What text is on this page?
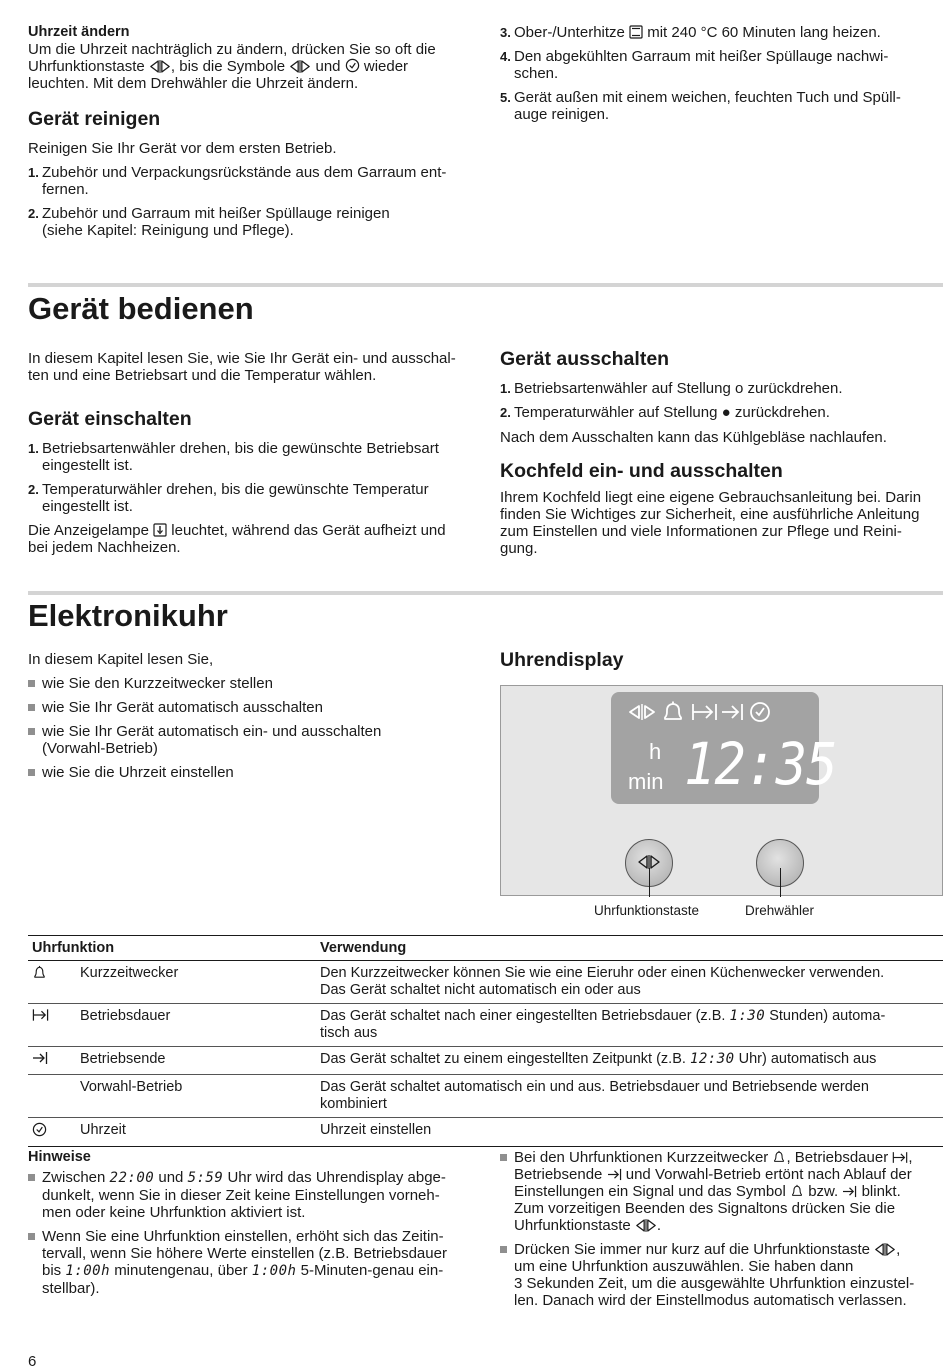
Uhrzeit ändern

Um die Uhrzeit nachträglich zu ändern, drücken Sie so oft die
Uhrfunktionstaste , bis die Symbole und wieder
leuchten. Mit dem Drehwähler die Uhrzeit ändern.

Gerät reinigen

Reinigen Sie Ihr Gerät vor dem ersten Betrieb.

1. Zubehör und Verpackungsrückstände aus dem Garraum ent-
fernen.
2. Zubehör und Garraum mit heißer Spüllauge reinigen
(siehe Kapitel: Reinigung und Pflege).
3. Ober-/Unterhitze mit 240 °C 60 Minuten lang heizen.
4. Den abgekühlten Garraum mit heißer Spüllauge nachwi-
schen.
5. Gerät außen mit einem weichen, feuchten Tuch und Spüll-
auge reinigen.

Gerät bedienen

In diesem Kapitel lesen Sie, wie Sie Ihr Gerät ein- und ausschal-
ten und eine Betriebsart und die Temperatur wählen.

Gerät einschalten

1. Betriebsartenwähler drehen, bis die gewünschte Betriebsart
eingestellt ist.
2. Temperaturwähler drehen, bis die gewünschte Temperatur
eingestellt ist.

Die Anzeigelampe leuchtet, während das Gerät aufheizt und
bei jedem Nachheizen.

Gerät ausschalten

1. Betriebsartenwähler auf Stellung o zurückdrehen.
2. Temperaturwähler auf Stellung ● zurückdrehen.

Nach dem Ausschalten kann das Kühlgebläse nachlaufen.

Kochfeld ein- und ausschalten

Ihrem Kochfeld liegt eine eigene Gebrauchsanleitung bei. Darin
finden Sie Wichtiges zur Sicherheit, eine ausführliche Anleitung
zum Einstellen und viele Informationen zur Pflege und Reini-
gung.

Elektronikuhr

In diesem Kapitel lesen Sie,

wie Sie den Kurzzeitwecker stellen
wie Sie Ihr Gerät automatisch ausschalten
wie Sie Ihr Gerät automatisch ein- und ausschalten
(Vorwahl-Betrieb)
wie Sie die Uhrzeit einstellen

Uhrendisplay

h
min 12:35
Uhrfunktionstaste	Drehwähler
Uhrfunktion		Verwendung
	Kurzzeitwecker	Den Kurzzeitwecker können Sie wie eine Eieruhr oder einen Küchenwecker verwenden.
Das Gerät schaltet nicht automatisch ein oder aus
	Betriebsdauer	Das Gerät schaltet nach einer eingestellten Betriebsdauer (z.B. 1:30 Stunden) automa-
tisch aus
	Betriebsende	Das Gerät schaltet zu einem eingestellten Zeitpunkt (z.B. 12:30 Uhr) automatisch aus
	Vorwahl-Betrieb	Das Gerät schaltet automatisch ein und aus. Betriebsdauer und Betriebsende werden
kombiniert
	Uhrzeit	Uhrzeit einstellen

Hinweise

Zwischen 22:00 und 5:59 Uhr wird das Uhrendisplay abge-
dunkelt, wenn Sie in dieser Zeit keine Einstellungen vorneh-
men oder keine Uhrfunktion aktiviert ist.
Wenn Sie eine Uhrfunktion einstellen, erhöht sich das Zeitin-
tervall, wenn Sie höhere Werte einstellen (z.B. Betriebsdauer
bis 1:00h minutengenau, über 1:00h 5-Minuten-genau ein-
stellbar).
Bei den Uhrfunktionen Kurzzeitwecker , Betriebsdauer ,
Betriebsende und Vorwahl-Betrieb ertönt nach Ablauf der
Einstellungen ein Signal und das Symbol bzw. blinkt.
Zum vorzeitigen Beenden des Signaltons drücken Sie die
Uhrfunktionstaste .
Drücken Sie immer nur kurz auf die Uhrfunktionstaste ,
um eine Uhrfunktion auszuwählen. Sie haben dann
3 Sekunden Zeit, um die ausgewählte Uhrfunktion einzustel-
len. Danach wird der Einstellmodus automatisch verlassen.
6
